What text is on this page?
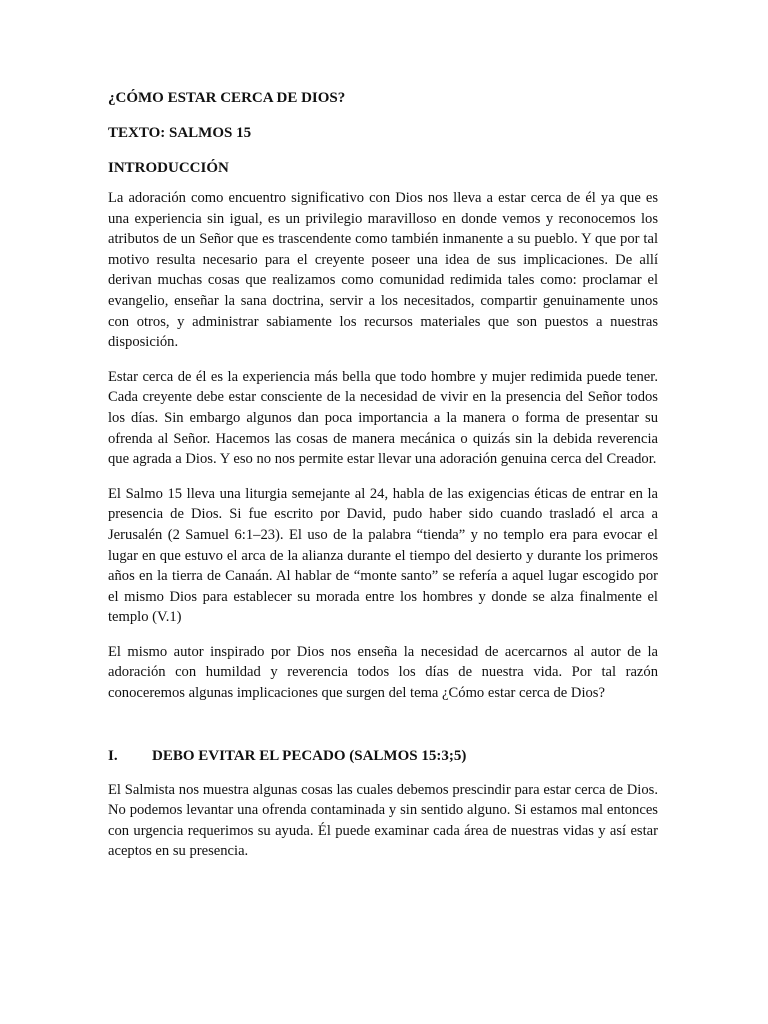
¿CÓMO ESTAR CERCA DE DIOS?
TEXTO: SALMOS 15
INTRODUCCIÓN

La adoración como encuentro significativo con Dios nos lleva a estar cerca de él ya que es una experiencia sin igual, es un privilegio maravilloso en donde vemos y reconocemos los atributos de un Señor que es trascendente como también inmanente a su pueblo. Y que por tal motivo resulta necesario para el creyente poseer una idea de sus implicaciones. De allí derivan muchas cosas que realizamos como comunidad redimida tales como: proclamar el evangelio, enseñar la sana doctrina, servir a los necesitados, compartir genuinamente unos con otros, y administrar sabiamente los recursos materiales que son puestos a nuestras disposición.

Estar cerca de él es la experiencia más bella que todo hombre y mujer redimida puede tener. Cada creyente debe estar consciente de la necesidad de vivir en la presencia del Señor todos los días. Sin embargo algunos dan poca importancia a la manera o forma de presentar su ofrenda al Señor. Hacemos las cosas de manera mecánica o quizás sin la debida reverencia que agrada a Dios. Y eso no nos permite estar llevar una adoración genuina cerca del Creador.

El Salmo 15 lleva una liturgia semejante al 24, habla de las exigencias éticas de entrar en la presencia de Dios. Si fue escrito por David, pudo haber sido cuando trasladó el arca a Jerusalén (2 Samuel 6:1–23). El uso de la palabra “tienda” y no templo era para evocar el lugar en que estuvo el arca de la alianza durante el tiempo del desierto y durante los primeros años en la tierra de Canaán. Al hablar de “monte santo” se refería a aquel lugar escogido por el mismo Dios para establecer su morada entre los hombres y donde se alza finalmente el templo (V.1)

El mismo autor inspirado por Dios nos enseña la necesidad de acercarnos al autor de la adoración con humildad y reverencia todos los días de nuestra vida. Por tal razón conoceremos algunas implicaciones que surgen del tema ¿Cómo estar cerca de Dios?

I.	DEBO EVITAR EL PECADO (SALMOS 15:3;5)

El Salmista nos muestra algunas cosas las cuales debemos prescindir para estar cerca de Dios. No podemos levantar una ofrenda contaminada y sin sentido alguno. Si estamos mal entonces con urgencia requerimos su ayuda. Él puede examinar cada área de nuestras vidas y así estar aceptos en su presencia.
